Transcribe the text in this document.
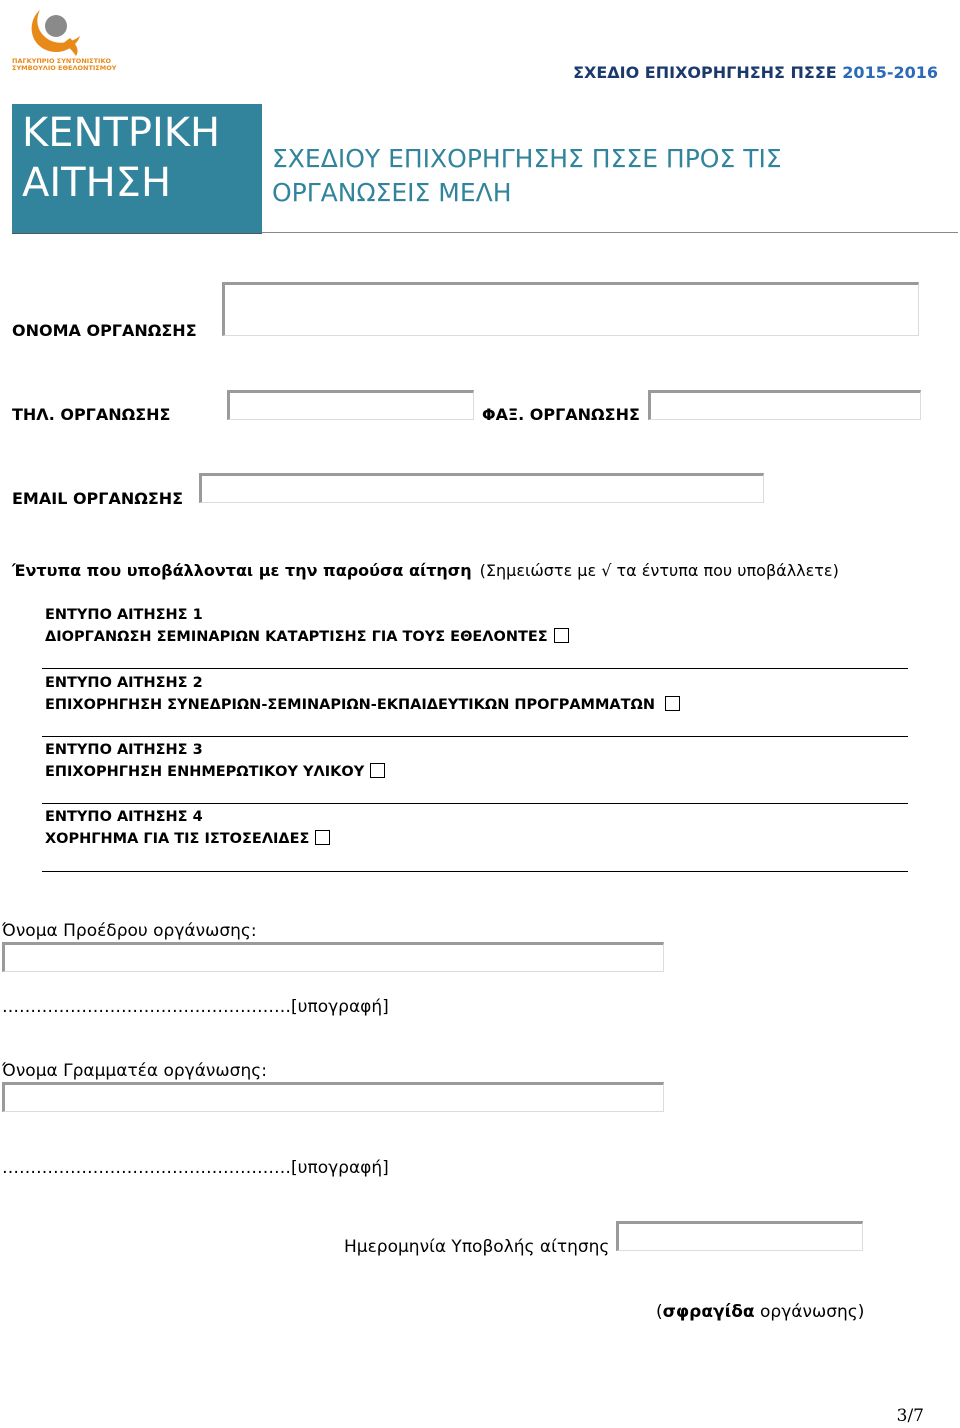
ΠΑΓΚΥΠΡΙΟ ΣΥΝΤΟΝΙΣΤΙΚΟ
ΣΥΜΒΟΥΛΙΟ ΕΘΕΛΟΝΤΙΣΜΟΥ	ΣΧΕΔΙΟ ΕΠΙΧΟΡΗΓΗΣΗΣ ΠΣΣΕ 2015-2016
ΚΕΝΤΡΙΚΗ
ΑΙΤΗΣΗ
ΣΧΕΔΙΟΥ ΕΠΙΧΟΡΗΓΗΣΗΣ ΠΣΣΕ ΠΡΟΣ ΤΙΣ
ΟΡΓΑΝΩΣΕΙΣ ΜΕΛΗ
ΟΝΟΜΑ ΟΡΓΑΝΩΣΗΣ
ΤΗΛ. ΟΡΓΑΝΩΣΗΣ	ΦΑΞ. ΟΡΓΑΝΩΣΗΣ
EMAIL ΟΡΓΑΝΩΣΗΣ
Έντυπα που υποβάλλονται με την παρούσα αίτηση (Σημειώστε με √ τα έντυπα που υποβάλλετε)
ΕΝΤΥΠΟ ΑΙΤΗΣΗΣ 1
ΔΙΟΡΓΑΝΩΣΗ ΣΕΜΙΝΑΡΙΩΝ ΚΑΤΑΡΤΙΣΗΣ ΓΙΑ ΤΟΥΣ ΕΘΕΛΟΝΤΕΣ
ΕΝΤΥΠΟ ΑΙΤΗΣΗΣ 2
ΕΠΙΧΟΡΗΓΗΣΗ ΣΥΝΕΔΡΙΩΝ-ΣΕΜΙΝΑΡΙΩΝ-ΕΚΠΑΙΔΕΥΤΙΚΩΝ ΠΡΟΓΡΑΜΜΑΤΩΝ
ΕΝΤΥΠΟ ΑΙΤΗΣΗΣ 3
ΕΠΙΧΟΡΗΓΗΣΗ ΕΝΗΜΕΡΩΤΙΚΟΥ ΥΛΙΚΟΥ
ΕΝΤΥΠΟ ΑΙΤΗΣΗΣ 4
ΧΟΡΗΓΗΜΑ ΓΙΑ ΤΙΣ ΙΣΤΟΣΕΛΙΔΕΣ
Όνομα Προέδρου οργάνωσης:
……………………………………………[υπογραφή]
Όνομα Γραμματέα οργάνωσης:
……………………………………………[υπογραφή]
Ημερομηνία Υποβολής αίτησης
(σφραγίδα οργάνωσης)
3/7
